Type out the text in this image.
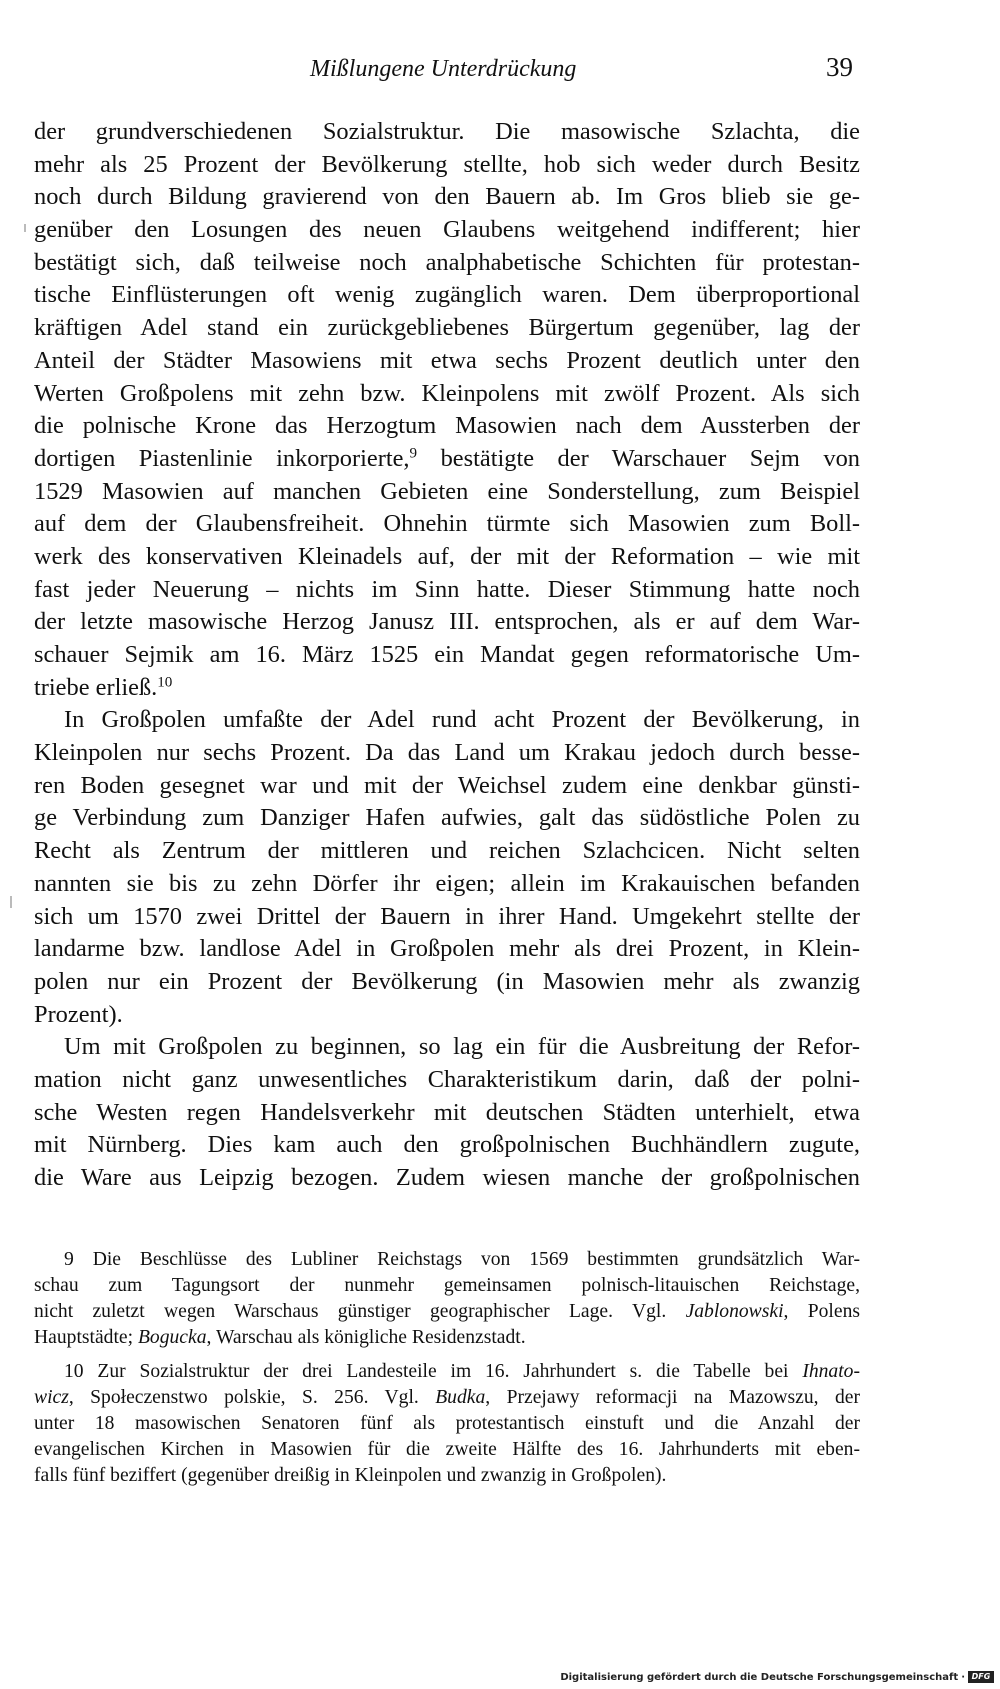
Mißlungene Unterdrückung	39
der grundverschiedenen Sozialstruktur. Die masowische Szlachta, die
mehr als 25 Prozent der Bevölkerung stellte, hob sich weder durch Besitz
noch durch Bildung gravierend von den Bauern ab. Im Gros blieb sie ge-
genüber den Losungen des neuen Glaubens weitgehend indifferent; hier
bestätigt sich, daß teilweise noch analphabetische Schichten für protestan-
tische Einflüsterungen oft wenig zugänglich waren. Dem überproportional
kräftigen Adel stand ein zurückgebliebenes Bürgertum gegenüber, lag der
Anteil der Städter Masowiens mit etwa sechs Prozent deutlich unter den
Werten Großpolens mit zehn bzw. Kleinpolens mit zwölf Prozent. Als sich
die polnische Krone das Herzogtum Masowien nach dem Aussterben der
dortigen Piastenlinie inkorporierte,$^9$ bestätigte der Warschauer Sejm von
1529 Masowien auf manchen Gebieten eine Sonderstellung, zum Beispiel
auf dem der Glaubensfreiheit. Ohnehin türmte sich Masowien zum Boll-
werk des konservativen Kleinadels auf, der mit der Reformation – wie mit
fast jeder Neuerung – nichts im Sinn hatte. Dieser Stimmung hatte noch
der letzte masowische Herzog Janusz III. entsprochen, als er auf dem War-
schauer Sejmik am 16. März 1525 ein Mandat gegen reformatorische Um-
triebe erließ.$^{10}$
In Großpolen umfaßte der Adel rund acht Prozent der Bevölkerung, in
Kleinpolen nur sechs Prozent. Da das Land um Krakau jedoch durch besse-
ren Boden gesegnet war und mit der Weichsel zudem eine denkbar günsti-
ge Verbindung zum Danziger Hafen aufwies, galt das südöstliche Polen zu
Recht als Zentrum der mittleren und reichen Szlachcicen. Nicht selten
nannten sie bis zu zehn Dörfer ihr eigen; allein im Krakauischen befanden
sich um 1570 zwei Drittel der Bauern in ihrer Hand. Umgekehrt stellte der
landarme bzw. landlose Adel in Großpolen mehr als drei Prozent, in Klein-
polen nur ein Prozent der Bevölkerung (in Masowien mehr als zwanzig
Prozent).
Um mit Großpolen zu beginnen, so lag ein für die Ausbreitung der Refor-
mation nicht ganz unwesentliches Charakteristikum darin, daß der polni-
sche Westen regen Handelsverkehr mit deutschen Städten unterhielt, etwa
mit Nürnberg. Dies kam auch den großpolnischen Buchhändlern zugute,
die Ware aus Leipzig bezogen. Zudem wiesen manche der großpolnischen
9 Die Beschlüsse des Lubliner Reichstags von 1569 bestimmten grundsätzlich War-
schau zum Tagungsort der nunmehr gemeinsamen polnisch-litauischen Reichstage,
nicht zuletzt wegen Warschaus günstiger geographischer Lage. Vgl. Jablonowski, Polens
Hauptstädte; Bogucka, Warschau als königliche Residenzstadt.
10 Zur Sozialstruktur der drei Landesteile im 16. Jahrhundert s. die Tabelle bei Ihnato-
wicz, Społeczenstwo polskie, S. 256. Vgl. Budka, Przejawy reformacji na Mazowszu, der
unter 18 masowischen Senatoren fünf als protestantisch einstuft und die Anzahl der
evangelischen Kirchen in Masowien für die zweite Hälfte des 16. Jahrhunderts mit eben-
falls fünf beziffert (gegenüber dreißig in Kleinpolen und zwanzig in Großpolen).
Digitalisierung gefördert durch die Deutsche Forschungsgemeinschaft · DFG
